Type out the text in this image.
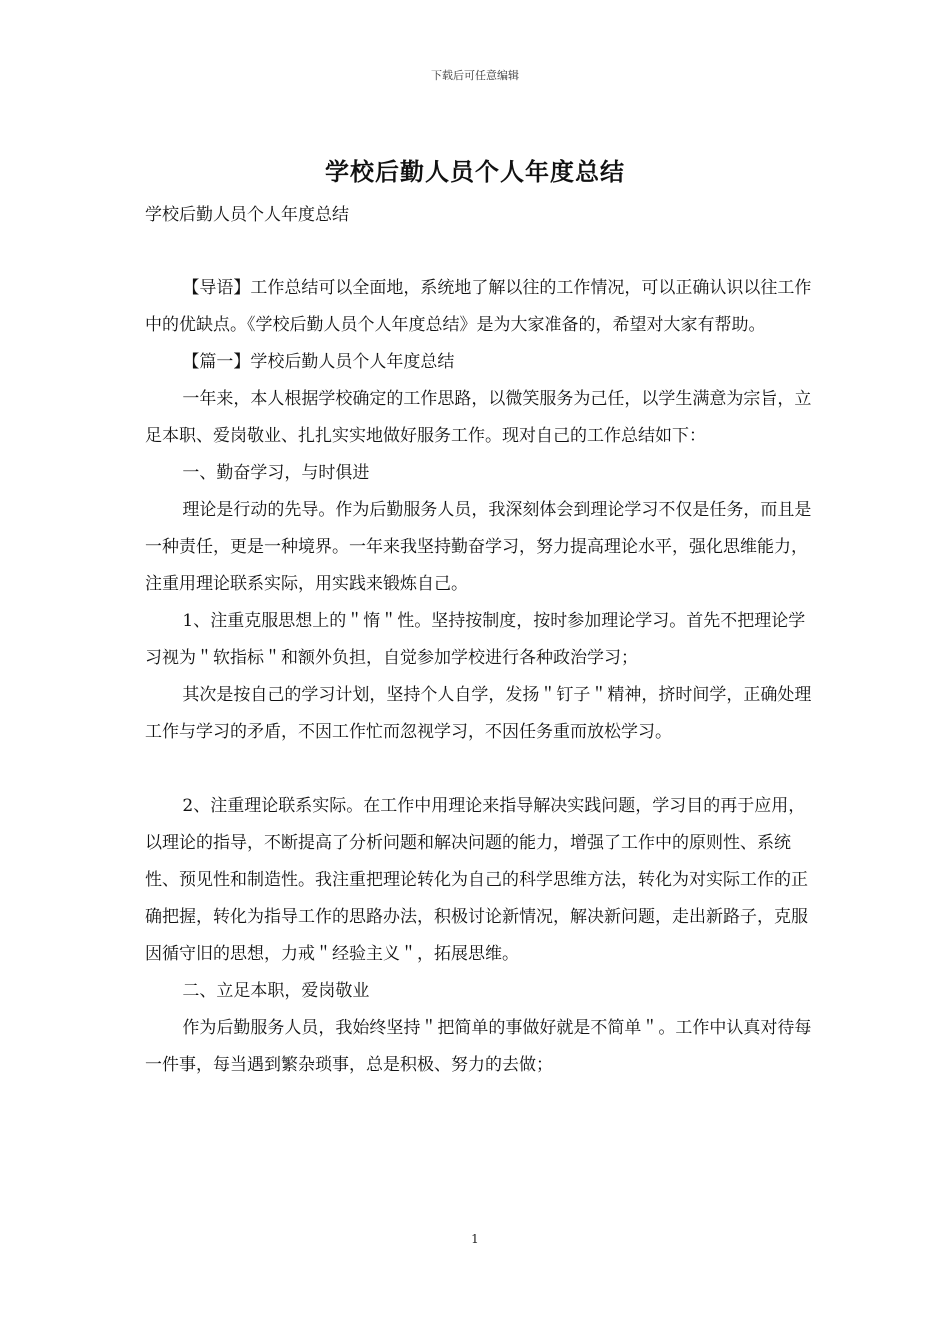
下载后可任意编辑
学校后勤人员个人年度总结

学校后勤人员个人年度总结

【导语】工作总结可以全面地，系统地了解以往的工作情况，可以正确认识以往工作中的优缺点。《学校后勤人员个人年度总结》是为大家准备的，希望对大家有帮助。

【篇一】学校后勤人员个人年度总结

一年来，本人根据学校确定的工作思路，以微笑服务为己任，以学生满意为宗旨，立足本职、爱岗敬业、扎扎实实地做好服务工作。现对自己的工作总结如下：

一、勤奋学习，与时俱进

理论是行动的先导。作为后勤服务人员，我深刻体会到理论学习不仅是任务，而且是一种责任，更是一种境界。一年来我坚持勤奋学习，努力提高理论水平，强化思维能力，注重用理论联系实际，用实践来锻炼自己。

1、注重克服思想上的＂惰＂性。坚持按制度，按时参加理论学习。首先不把理论学习视为＂软指标＂和额外负担，自觉参加学校进行各种政治学习；

其次是按自己的学习计划，坚持个人自学，发扬＂钉子＂精神，挤时间学，正确处理工作与学习的矛盾，不因工作忙而忽视学习，不因任务重而放松学习。

2、注重理论联系实际。在工作中用理论来指导解决实践问题，学习目的再于应用，以理论的指导，不断提高了分析问题和解决问题的能力，增强了工作中的原则性、系统性、预见性和制造性。我注重把理论转化为自己的科学思维方法，转化为对实际工作的正确把握，转化为指导工作的思路办法，积极讨论新情况，解决新问题，走出新路子，克服因循守旧的思想，力戒＂经验主义＂，拓展思维。

二、立足本职，爱岗敬业

作为后勤服务人员，我始终坚持＂把简单的事做好就是不简单＂。工作中认真对待每一件事，每当遇到繁杂琐事，总是积极、努力的去做；

1
